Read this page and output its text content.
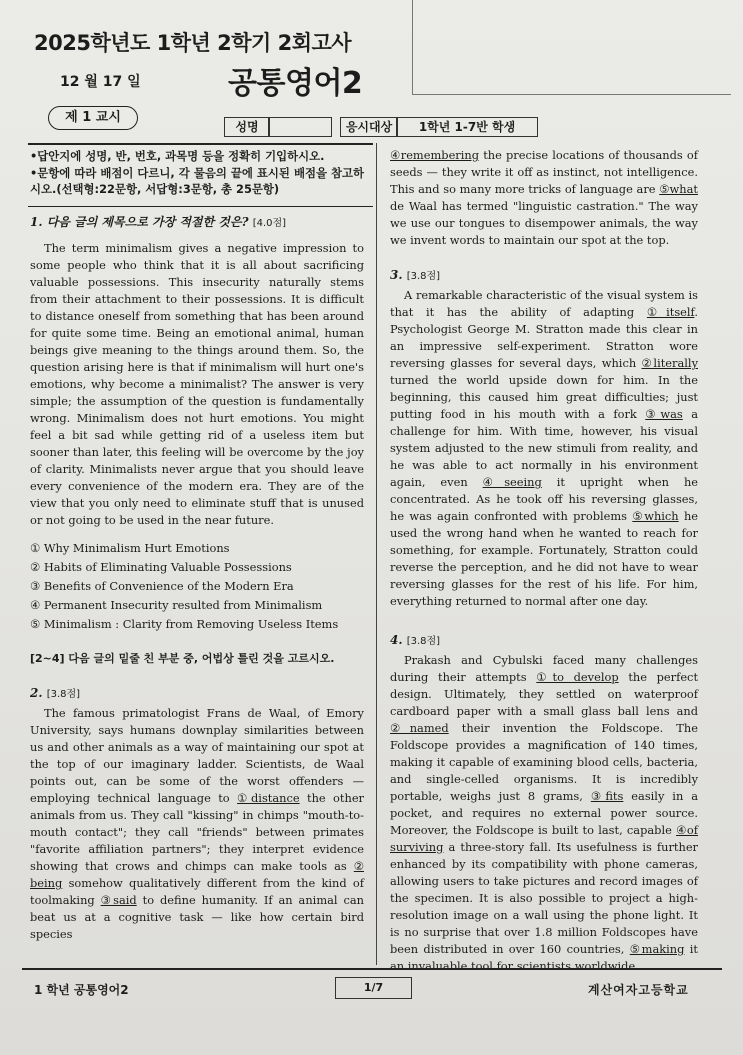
2025학년도 1학년 2학기 2회고사
12 월 17 일	공통영어2
제 1 교시
성명	응시대상	1학년 1-7반 학생

•답안지에 성명, 반, 번호, 과목명 등을 정확히 기입하시오.

•문항에 따라 배점이 다르니, 각 물음의 끝에 표시된 배점을 참고하시오.(선택형:22문항, 서답형:3문항, 총 25문항)

1. 다음 글의 제목으로 가장 적절한 것은? [4.0점]

The term minimalism gives a negative impression to some people who think that it is all about sacrificing valuable possessions. This insecurity naturally stems from their attachment to their possessions. It is difficult to distance oneself from something that has been around for quite some time. Being an emotional animal, human beings give meaning to the things around them. So, the question arising here is that if minimalism will hurt one's emotions, why become a minimalist? The answer is very simple; the assumption of the question is fundamentally wrong. Minimalism does not hurt emotions. You might feel a bit sad while getting rid of a useless item but sooner than later, this feeling will be overcome by the joy of clarity. Minimalists never argue that you should leave every convenience of the modern era. They are of the view that you only need to eliminate stuff that is unused or not going to be used in the near future.

① Why Minimalism Hurt Emotions

② Habits of Eliminating Valuable Possessions

③ Benefits of Convenience of the Modern Era

④ Permanent Insecurity resulted from Minimalism

⑤ Minimalism : Clarity from Removing Useless Items

[2~4] 다음 글의 밑줄 친 부분 중, 어법상 틀린 것을 고르시오.

2. [3.8점]

The famous primatologist Frans de Waal, of Emory University, says humans downplay similarities between us and other animals as a way of maintaining our spot at the top of our imaginary ladder. Scientists, de Waal points out, can be some of the worst offenders — employing technical language to ①distance the other animals from us. They call "kissing" in chimps "mouth-to-mouth contact"; they call "friends" between primates "favorite affiliation partners"; they interpret evidence showing that crows and chimps can make tools as ② being somehow qualitatively different from the kind of toolmaking ③said to define humanity. If an animal can beat us at a cognitive task — like how certain bird species

④remembering the precise locations of thousands of seeds — they write it off as instinct, not intelligence. This and so many more tricks of language are ⑤what de Waal has termed "linguistic castration." The way we use our tongues to disempower animals, the way we invent words to maintain our spot at the top.

3. [3.8점]

A remarkable characteristic of the visual system is that it has the ability of adapting ①itself. Psychologist George M. Stratton made this clear in an impressive self-experiment. Stratton wore reversing glasses for several days, which ②literally turned the world upside down for him. In the beginning, this caused him great difficulties; just putting food in his mouth with a fork ③was a challenge for him. With time, however, his visual system adjusted to the new stimuli from reality, and he was able to act normally in his environment again, even ④seeing it upright when he concentrated. As he took off his reversing glasses, he was again confronted with problems ⑤which he used the wrong hand when he wanted to reach for something, for example. Fortunately, Stratton could reverse the perception, and he did not have to wear reversing glasses for the rest of his life. For him, everything returned to normal after one day.

4. [3.8점]

Prakash and Cybulski faced many challenges during their attempts ①to develop the perfect design. Ultimately, they settled on waterproof cardboard paper with a small glass ball lens and ②named their invention the Foldscope. The Foldscope provides a magnification of 140 times, making it capable of examining blood cells, bacteria, and single-celled organisms. It is incredibly portable, weighs just 8 grams, ③fits easily in a pocket, and requires no external power source. Moreover, the Foldscope is built to last, capable ④of surviving a three-story fall. Its usefulness is further enhanced by its compatibility with phone cameras, allowing users to take pictures and record images of the specimen. It is also possible to project a high-resolution image on a wall using the phone light. It is no surprise that over 1.8 million Foldscopes have been distributed in over 160 countries, ⑤making it an invaluable tool for scientists worldwide.

1 학년 공통영어2	1/7	계산여자고등학교
